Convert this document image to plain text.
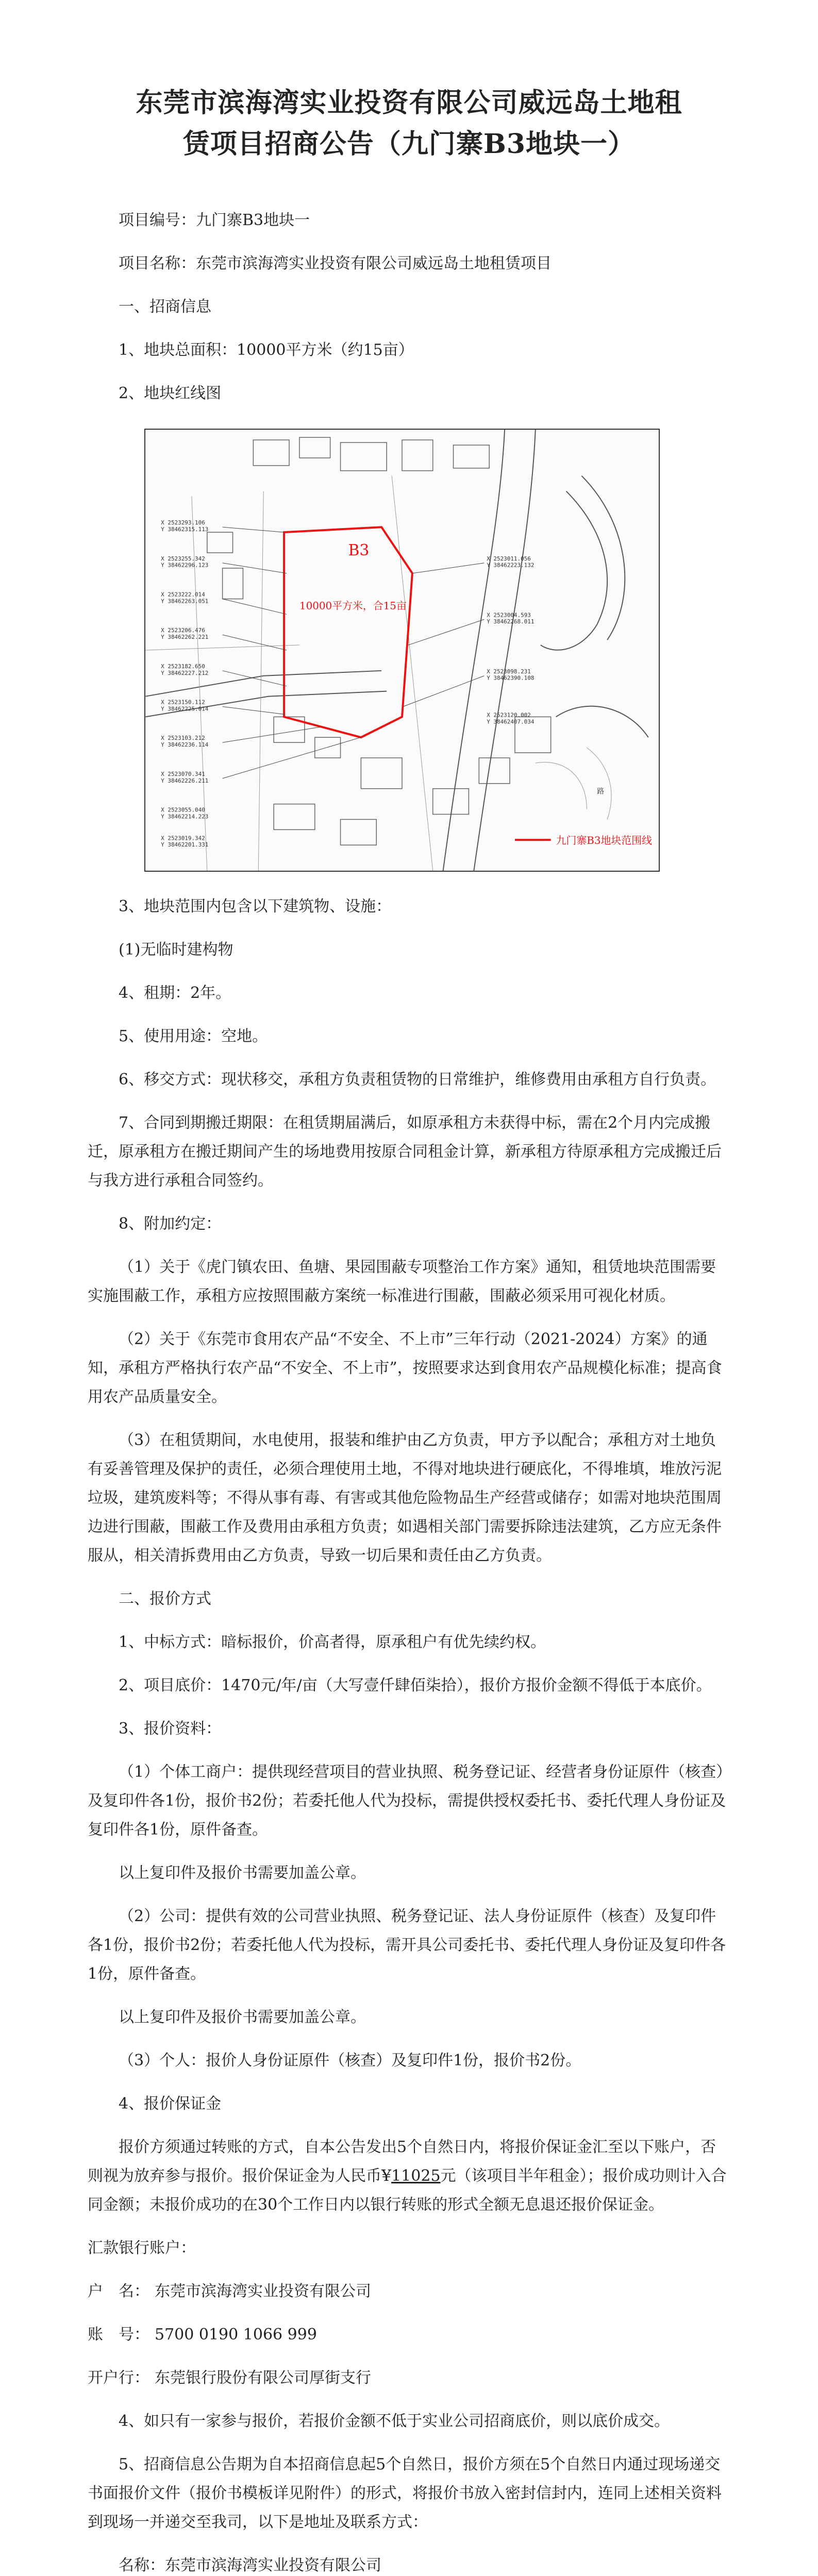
东莞市滨海湾实业投资有限公司威远岛土地租
赁项目招商公告（九门寨B3地块一）

项目编号：九门寨B3地块一

项目名称：东莞市滨海湾实业投资有限公司威远岛土地租赁项目

一、招商信息

1、地块总面积：10000平方米（约15亩）

2、地块红线图

B3
10000平方米，合15亩
X 2523293.106
Y 38462315.113
X 2523255.342
Y 38462296.123
X 2523222.014
Y 38462263.051
X 2523206.476
Y 38462262.221
X 2523182.650
Y 38462227.212
X 2523150.112
Y 38462225.014
X 2523103.212
Y 38462236.114
X 2523070.341
Y 38462226.211
X 2523055.040
Y 38462214.223
X 2523019.342
Y 38462201.331
X 2523011.056
Y 38462223.132
X 2523004.593
Y 38462268.011
X 2523098.231
Y 38462390.108
X 2523120.002
Y 38462407.034
九门寨B3地块范围线
路

3、地块范围内包含以下建筑物、设施：

(1)无临时建构物

4、租期：2年。

5、使用用途：空地。

6、移交方式：现状移交，承租方负责租赁物的日常维护，维修费用由承租方自行负责。

7、合同到期搬迁期限：在租赁期届满后，如原承租方未获得中标，需在2个月内完成搬迁，原承租方在搬迁期间产生的场地费用按原合同租金计算，新承租方待原承租方完成搬迁后与我方进行承租合同签约。

8、附加约定：

（1）关于《虎门镇农田、鱼塘、果园围蔽专项整治工作方案》通知，租赁地块范围需要实施围蔽工作，承租方应按照围蔽方案统一标准进行围蔽，围蔽必须采用可视化材质。

（2）关于《东莞市食用农产品“不安全、不上市”三年行动（2021-2024）方案》的通知，承租方严格执行农产品“不安全、不上市”，按照要求达到食用农产品规模化标准；提高食用农产品质量安全。

（3）在租赁期间，水电使用，报装和维护由乙方负责，甲方予以配合；承租方对土地负有妥善管理及保护的责任，必须合理使用土地，不得对地块进行硬底化，不得堆填，堆放污泥垃圾，建筑废料等；不得从事有毒、有害或其他危险物品生产经营或储存；如需对地块范围周边进行围蔽，围蔽工作及费用由承租方负责；如遇相关部门需要拆除违法建筑，乙方应无条件服从，相关清拆费用由乙方负责，导致一切后果和责任由乙方负责。

二、报价方式

1、中标方式：暗标报价，价高者得，原承租户有优先续约权。

2、项目底价：1470元/年/亩（大写壹仟肆佰柒拾），报价方报价金额不得低于本底价。

3、报价资料：

（1）个体工商户：提供现经营项目的营业执照、税务登记证、经营者身份证原件（核查）及复印件各1份，报价书2份；若委托他人代为投标，需提供授权委托书、委托代理人身份证及复印件各1份，原件备查。

以上复印件及报价书需要加盖公章。

（2）公司：提供有效的公司营业执照、税务登记证、法人身份证原件（核查）及复印件各1份，报价书2份；若委托他人代为投标，需开具公司委托书、委托代理人身份证及复印件各1份，原件备查。

以上复印件及报价书需要加盖公章。

（3）个人：报价人身份证原件（核查）及复印件1份，报价书2份。

4、报价保证金

报价方须通过转账的方式，自本公告发出5个自然日内，将报价保证金汇至以下账户，否则视为放弃参与报价。报价保证金为人民币¥11025元（该项目半年租金）；报价成功则计入合同金额；未报价成功的在30个工作日内以银行转账的形式全额无息退还报价保证金。

汇款银行账户：

户　名： 东莞市滨海湾实业投资有限公司

账　号： 5700 0190 1066 999

开户行： 东莞银行股份有限公司厚街支行

4、如只有一家参与报价，若报价金额不低于实业公司招商底价，则以底价成交。

5、招商信息公告期为自本招商信息起5个自然日，报价方须在5个自然日内通过现场递交书面报价文件（报价书模板详见附件）的形式，将报价书放入密封信封内，连同上述相关资料到现场一并递交至我司，以下是地址及联系方式：

名称：东莞市滨海湾实业投资有限公司
